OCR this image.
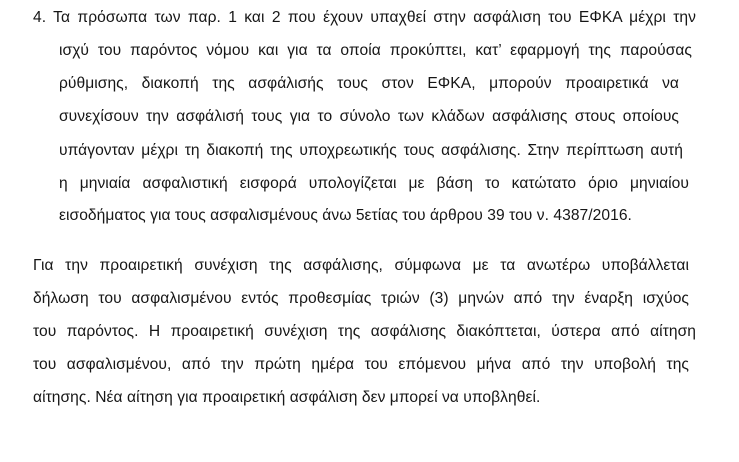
4. Τα πρόσωπα των παρ. 1 και 2 που έχουν υπαχθεί στην ασφάλιση του ΕΦΚΑ μέχρι την
ισχύ του παρόντος νόμου και για τα οποία προκύπτει, κατ’ εφαρμογή της παρούσας
ρύθμισης, διακοπή της ασφάλισής τους στον ΕΦΚΑ, μπορούν προαιρετικά να
συνεχίσουν την ασφάλισή τους για το σύνολο των κλάδων ασφάλισης στους οποίους
υπάγονταν μέχρι τη διακοπή της υποχρεωτικής τους ασφάλισης. Στην περίπτωση αυτή
η μηνιαία ασφαλιστική εισφορά υπολογίζεται με βάση το κατώτατο όριο μηνιαίου
εισοδήματος για τους ασφαλισμένους άνω 5ετίας του άρθρου 39 του ν. 4387/2016.
Για την προαιρετική συνέχιση της ασφάλισης, σύμφωνα με τα ανωτέρω υποβάλλεται
δήλωση του ασφαλισμένου εντός προθεσμίας τριών (3) μηνών από την έναρξη ισχύος
του παρόντος. Η προαιρετική συνέχιση της ασφάλισης διακόπτεται, ύστερα από αίτηση
του ασφαλισμένου, από την πρώτη ημέρα του επόμενου μήνα από την υποβολή της
αίτησης. Νέα αίτηση για προαιρετική ασφάλιση δεν μπορεί να υποβληθεί.
